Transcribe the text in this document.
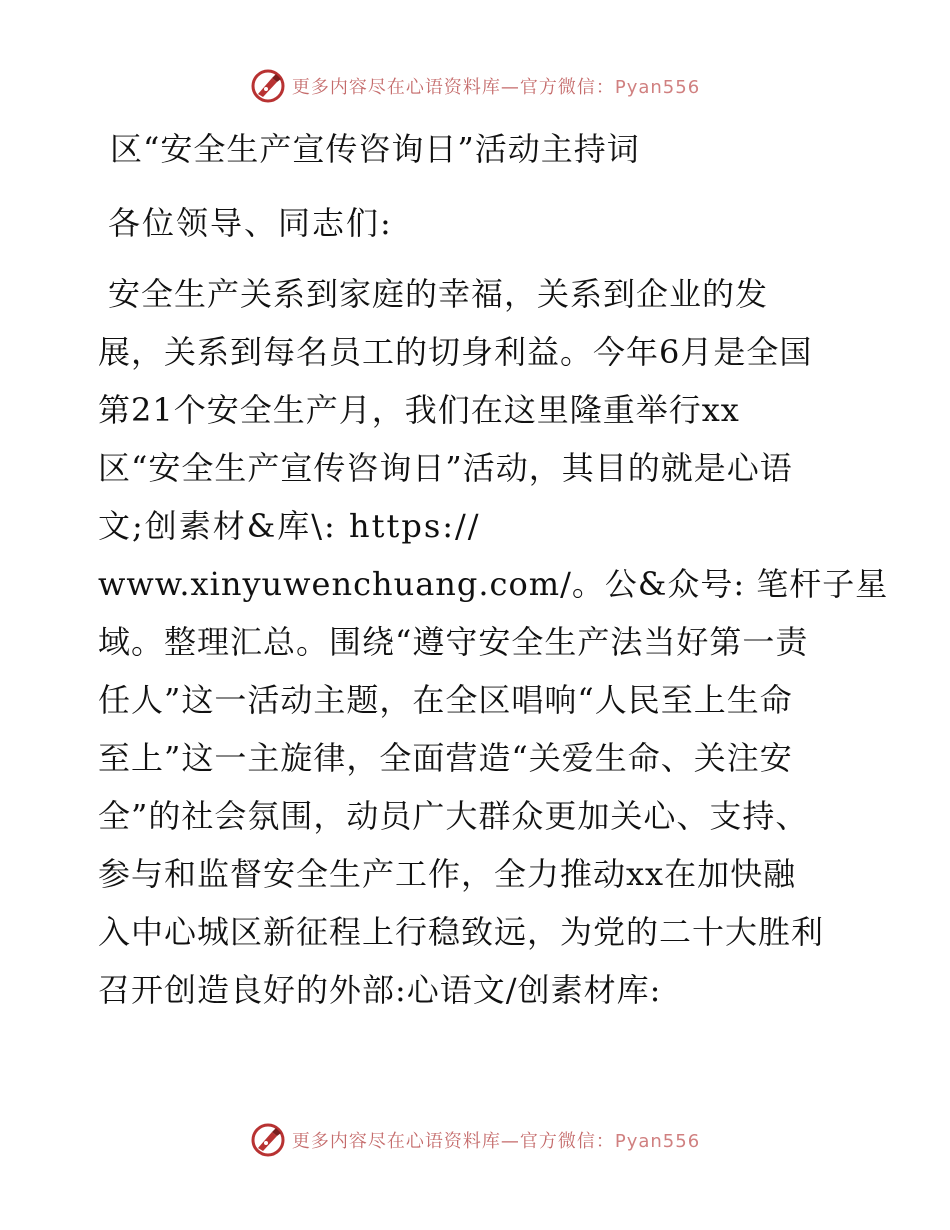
更多内容尽在心语资料库—官方微信：Pyan556
区“安全生产宣传咨询日”活动主持词
各位领导、同志们:
安全生产关系到家庭的幸福，关系到企业的发
展，关系到每名员工的切身利益。今年6月是全国
第21个安全生产月，我们在这里隆重举行xx
区“安全生产宣传咨询日”活动，其目的就是心语
文;创素材&库\: https://
www.xinyuwenchuang.com/。公&众号: 笔杆子星
域。整理汇总。围绕“遵守安全生产法当好第一责
任人”这一活动主题，在全区唱响“人民至上生命
至上”这一主旋律，全面营造“关爱生命、关注安
全”的社会氛围，动员广大群众更加关心、支持、
参与和监督安全生产工作，全力推动xx在加快融
入中心城区新征程上行稳致远，为党的二十大胜利
召开创造良好的外部:心语文/创素材库:
更多内容尽在心语资料库—官方微信：Pyan556
